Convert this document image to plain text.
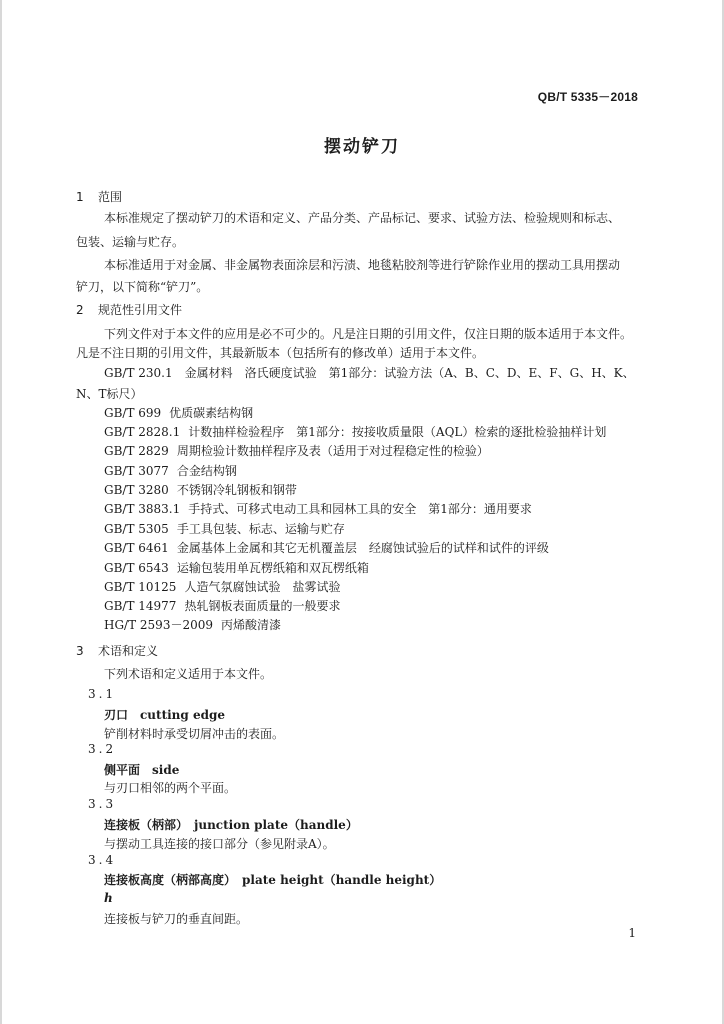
QB/T 5335－2018
摆动铲刀
1 范围
本标准规定了摆动铲刀的术语和定义、产品分类、产品标记、要求、试验方法、检验规则和标志、
包装、运输与贮存。
本标准适用于对金属、非金属物表面涂层和污渍、地毯粘胶剂等进行铲除作业用的摆动工具用摆动
铲刀，以下简称“铲刀”。
2 规范性引用文件
下列文件对于本文件的应用是必不可少的。凡是注日期的引用文件，仅注日期的版本适用于本文件。
凡是不注日期的引用文件，其最新版本（包括所有的修改单）适用于本文件。
GB/T 230.1　金属材料　洛氏硬度试验　第1部分：试验方法（A、B、C、D、E、F、G、H、K、
N、T标尺）
GB/T 699 优质碳素结构钢
GB/T 2828.1 计数抽样检验程序　第1部分：按接收质量限（AQL）检索的逐批检验抽样计划
GB/T 2829 周期检验计数抽样程序及表（适用于对过程稳定性的检验）
GB/T 3077 合金结构钢
GB/T 3280 不锈钢冷轧钢板和钢带
GB/T 3883.1 手持式、可移式电动工具和园林工具的安全　第1部分：通用要求
GB/T 5305 手工具包装、标志、运输与贮存
GB/T 6461 金属基体上金属和其它无机覆盖层　经腐蚀试验后的试样和试件的评级
GB/T 6543 运输包装用单瓦楞纸箱和双瓦楞纸箱
GB/T 10125 人造气氛腐蚀试验　盐雾试验
GB/T 14977 热轧钢板表面质量的一般要求
HG/T 2593－2009 丙烯酸清漆
3 术语和定义
下列术语和定义适用于本文件。
3.1
刃口　cutting edge
铲削材料时承受切屑冲击的表面。
3.2
侧平面　side
与刃口相邻的两个平面。
3.3
连接板（柄部）　junction plate（handle）
与摆动工具连接的接口部分（参见附录A）。
3.4
连接板高度（柄部高度）　plate height（handle height）
h
连接板与铲刀的垂直间距。
1
